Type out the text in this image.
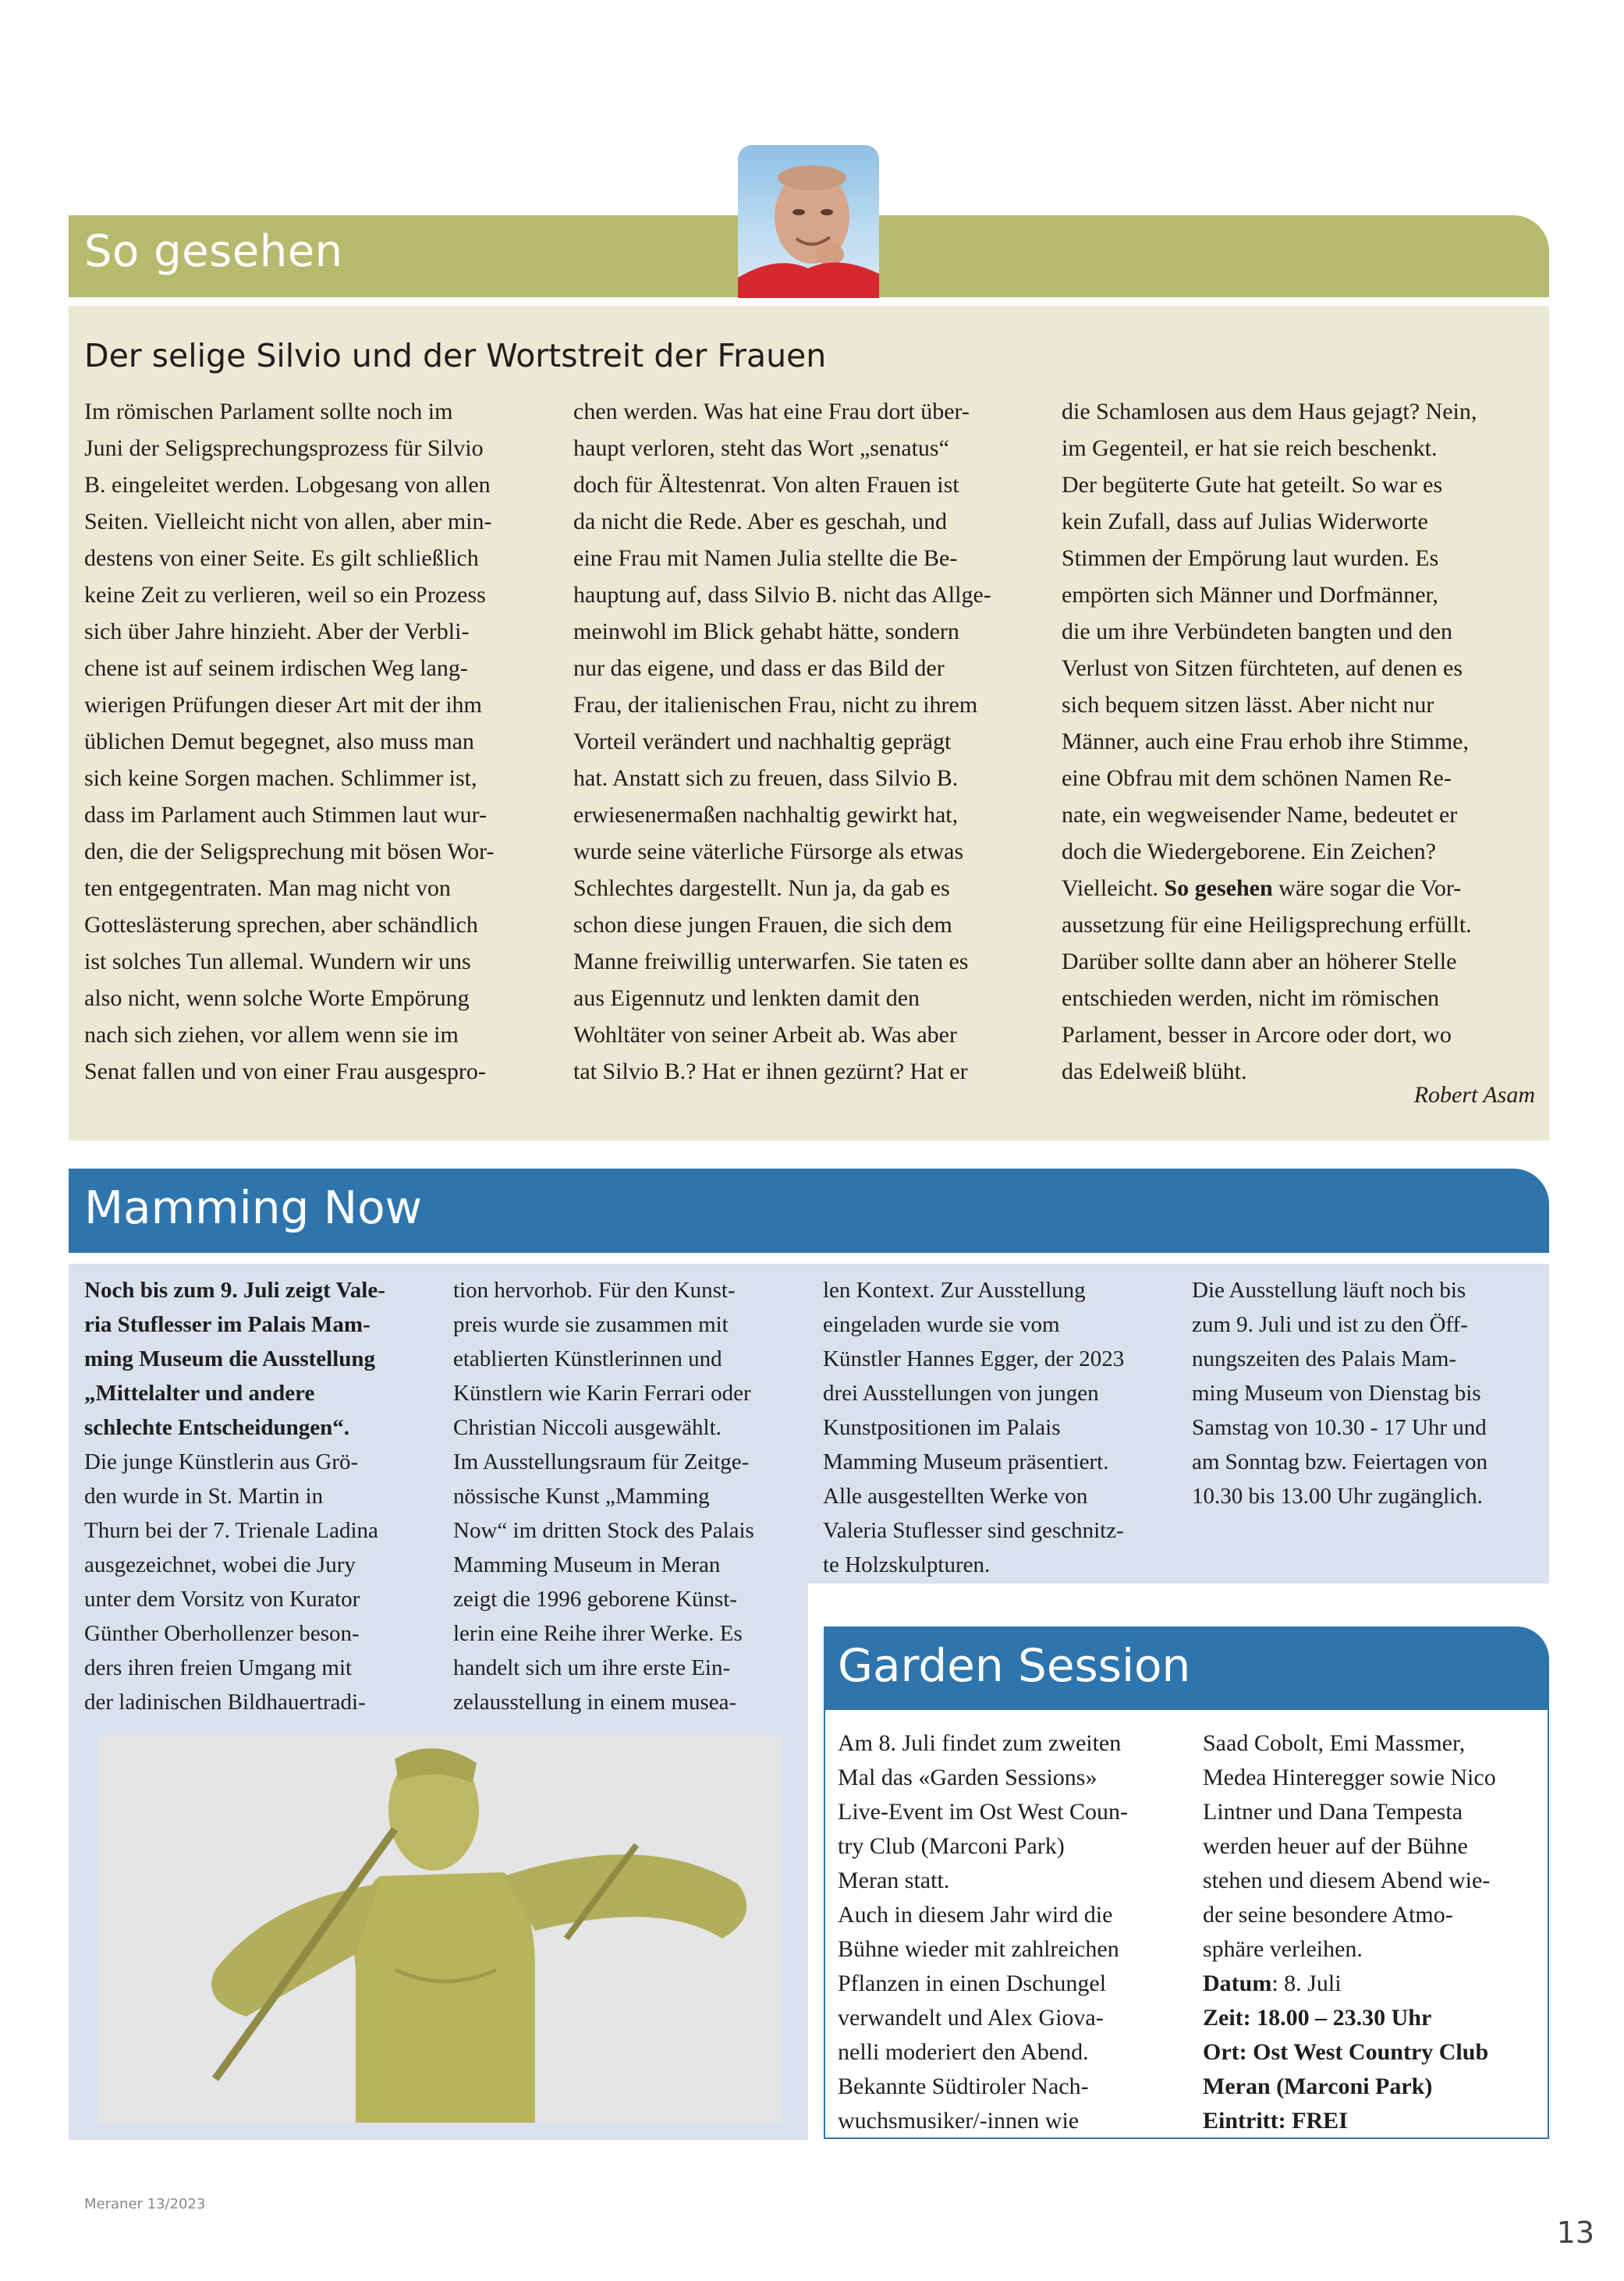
So gesehen
Der selige Silvio und der Wortstreit der Frauen
Im römischen Parlament sollte noch im
Juni der Seligsprechungsprozess für Silvio
B. eingeleitet werden. Lobgesang von allen
Seiten. Vielleicht nicht von allen, aber min-
destens von einer Seite. Es gilt schließlich
keine Zeit zu verlieren, weil so ein Prozess
sich über Jahre hinzieht. Aber der Verbli-
chene ist auf seinem irdischen Weg lang-
wierigen Prüfungen dieser Art mit der ihm
üblichen Demut begegnet, also muss man
sich keine Sorgen machen. Schlimmer ist,
dass im Parlament auch Stimmen laut wur-
den, die der Seligsprechung mit bösen Wor-
ten entgegentraten. Man mag nicht von
Gotteslästerung sprechen, aber schändlich
ist solches Tun allemal. Wundern wir uns
also nicht, wenn solche Worte Empörung
nach sich ziehen, vor allem wenn sie im
Senat fallen und von einer Frau ausgespro-
chen werden. Was hat eine Frau dort über-
haupt verloren, steht das Wort „senatus“
doch für Ältestenrat. Von alten Frauen ist
da nicht die Rede. Aber es geschah, und
eine Frau mit Namen Julia stellte die Be-
hauptung auf, dass Silvio B. nicht das Allge-
meinwohl im Blick gehabt hätte, sondern
nur das eigene, und dass er das Bild der
Frau, der italienischen Frau, nicht zu ihrem
Vorteil verändert und nachhaltig geprägt
hat. Anstatt sich zu freuen, dass Silvio B.
erwiesenermaßen nachhaltig gewirkt hat,
wurde seine väterliche Fürsorge als etwas
Schlechtes dargestellt. Nun ja, da gab es
schon diese jungen Frauen, die sich dem
Manne freiwillig unterwarfen. Sie taten es
aus Eigennutz und lenkten damit den
Wohltäter von seiner Arbeit ab. Was aber
tat Silvio B.? Hat er ihnen gezürnt? Hat er
die Schamlosen aus dem Haus gejagt? Nein,
im Gegenteil, er hat sie reich beschenkt.
Der begüterte Gute hat geteilt. So war es
kein Zufall, dass auf Julias Widerworte
Stimmen der Empörung laut wurden. Es
empörten sich Männer und Dorfmänner,
die um ihre Verbündeten bangten und den
Verlust von Sitzen fürchteten, auf denen es
sich bequem sitzen lässt. Aber nicht nur
Männer, auch eine Frau erhob ihre Stimme,
eine Obfrau mit dem schönen Namen Re-
nate, ein wegweisender Name, bedeutet er
doch die Wiedergeborene. Ein Zeichen?
Vielleicht. So gesehen wäre sogar die Vor-
aussetzung für eine Heiligsprechung erfüllt.
Darüber sollte dann aber an höherer Stelle
entschieden werden, nicht im römischen
Parlament, besser in Arcore oder dort, wo
das Edelweiß blüht.
Robert Asam
Mamming Now
Noch bis zum 9. Juli zeigt Vale-
ria Stuflesser im Palais Mam-
ming Museum die Ausstellung
„Mittelalter und andere
schlechte Entscheidungen“.
Die junge Künstlerin aus Grö-
den wurde in St. Martin in
Thurn bei der 7. Trienale Ladina
ausgezeichnet, wobei die Jury
unter dem Vorsitz von Kurator
Günther Oberhollenzer beson-
ders ihren freien Umgang mit
der ladinischen Bildhauertradi-
tion hervorhob. Für den Kunst-
preis wurde sie zusammen mit
etablierten Künstlerinnen und
Künstlern wie Karin Ferrari oder
Christian Niccoli ausgewählt.
Im Ausstellungsraum für Zeitge-
nössische Kunst „Mamming
Now“ im dritten Stock des Palais
Mamming Museum in Meran
zeigt die 1996 geborene Künst-
lerin eine Reihe ihrer Werke. Es
handelt sich um ihre erste Ein-
zelausstellung in einem musea-
len Kontext. Zur Ausstellung
eingeladen wurde sie vom
Künstler Hannes Egger, der 2023
drei Ausstellungen von jungen
Kunstpositionen im Palais
Mamming Museum präsentiert.
Alle ausgestellten Werke von
Valeria Stuflesser sind geschnitz-
te Holzskulpturen.
Die Ausstellung läuft noch bis
zum 9. Juli und ist zu den Öff-
nungszeiten des Palais Mam-
ming Museum von Dienstag bis
Samstag von 10.30 - 17 Uhr und
am Sonntag bzw. Feiertagen von
10.30 bis 13.00 Uhr zugänglich.
Garden Session
Am 8. Juli findet zum zweiten
Mal das «Garden Sessions»
Live-Event im Ost West Coun-
try Club (Marconi Park)
Meran statt.
Auch in diesem Jahr wird die
Bühne wieder mit zahlreichen
Pflanzen in einen Dschungel
verwandelt und Alex Giova-
nelli moderiert den Abend.
Bekannte Südtiroler Nach-
wuchsmusiker/-innen wie
Saad Cobolt, Emi Massmer,
Medea Hinteregger sowie Nico
Lintner und Dana Tempesta
werden heuer auf der Bühne
stehen und diesem Abend wie-
der seine besondere Atmo-
sphäre verleihen.
Datum: 8. Juli
Zeit: 18.00 – 23.30 Uhr
Ort: Ost West Country Club Meran (Marconi Park)
Eintritt: FREI
Meraner 13/2023
13
